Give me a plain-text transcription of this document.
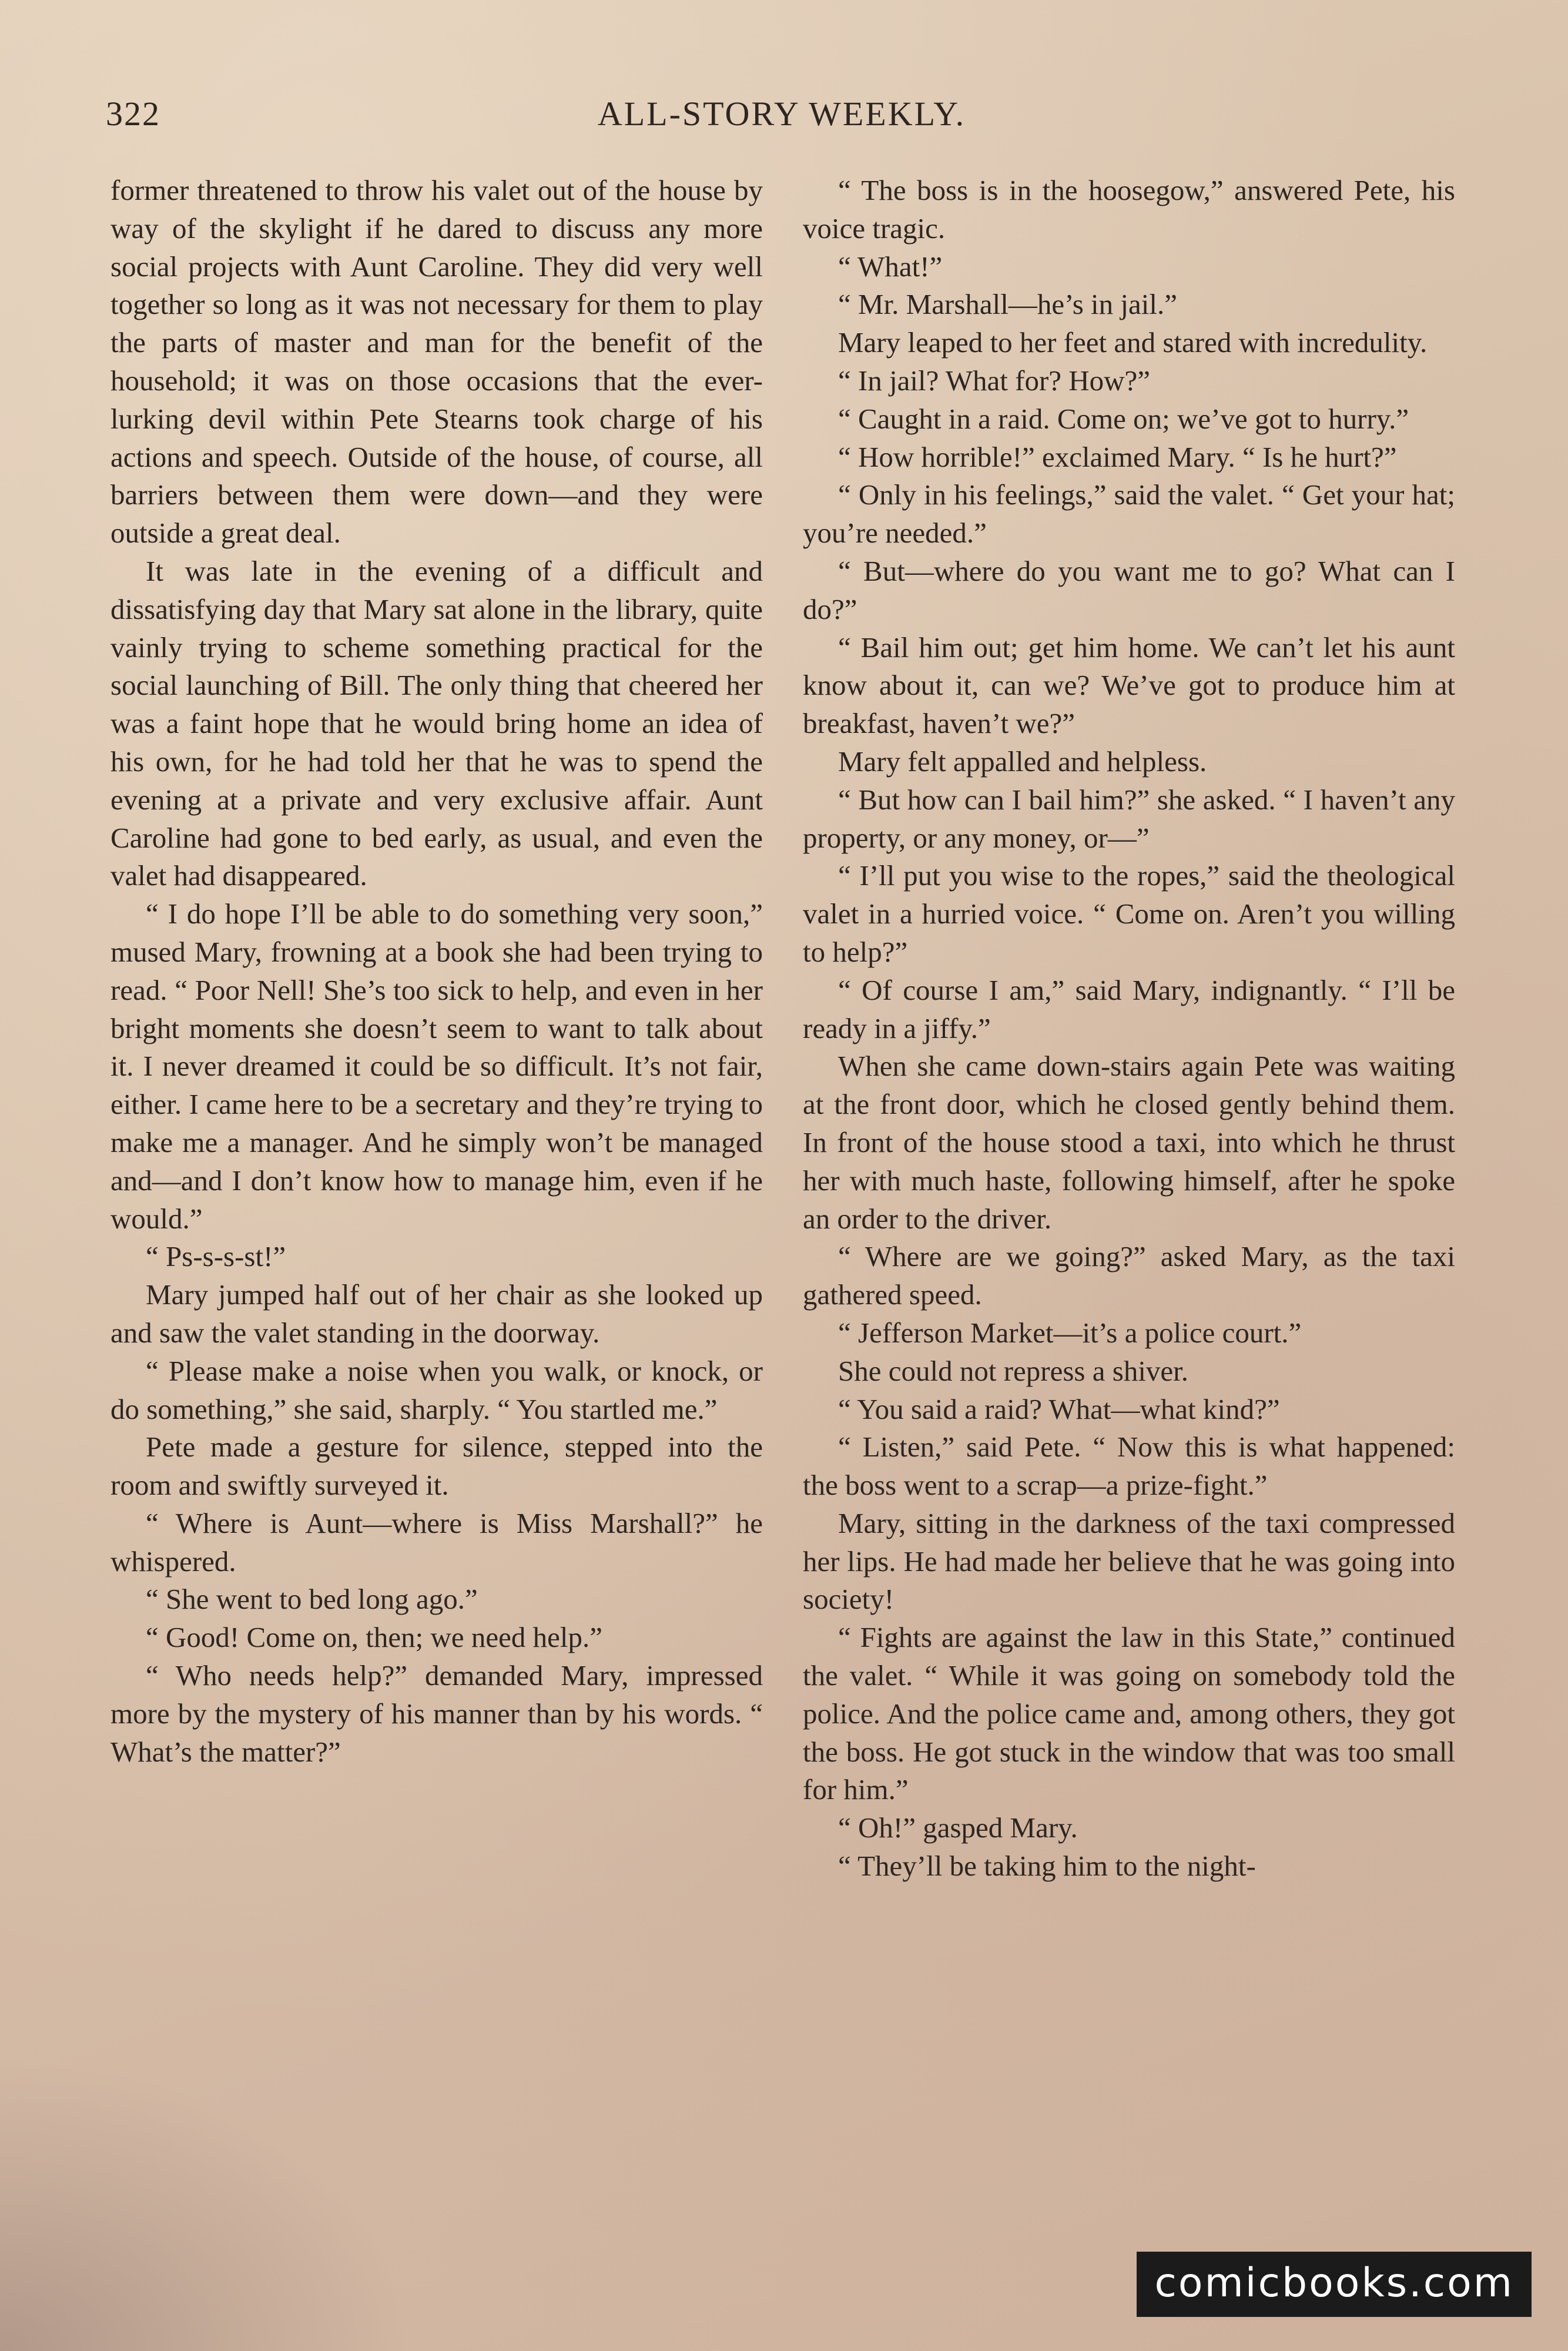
322	ALL-STORY WEEKLY.

former threatened to throw his valet out of the house by way of the skylight if he dared to discuss any more social projects with Aunt Caroline. They did very well together so long as it was not necessary for them to play the parts of master and man for the benefit of the household; it was on those occasions that the ever-lurking devil within Pete Stearns took charge of his actions and speech. Outside of the house, of course, all barriers between them were down—and they were outside a great deal.

It was late in the evening of a difficult and dissatisfying day that Mary sat alone in the library, quite vainly trying to scheme something practical for the social launching of Bill. The only thing that cheered her was a faint hope that he would bring home an idea of his own, for he had told her that he was to spend the evening at a private and very exclusive affair. Aunt Caroline had gone to bed early, as usual, and even the valet had disappeared.

“ I do hope I’ll be able to do something very soon,” mused Mary, frowning at a book she had been trying to read. “ Poor Nell! She’s too sick to help, and even in her bright moments she doesn’t seem to want to talk about it. I never dreamed it could be so difficult. It’s not fair, either. I came here to be a secretary and they’re trying to make me a manager. And he simply won’t be managed and—and I don’t know how to manage him, even if he would.”

“ Ps-s-s-st!”

Mary jumped half out of her chair as she looked up and saw the valet standing in the doorway.

“ Please make a noise when you walk, or knock, or do something,” she said, sharply. “ You startled me.”

Pete made a gesture for silence, stepped into the room and swiftly surveyed it.

“ Where is Aunt—where is Miss Marshall?” he whispered.

“ She went to bed long ago.”

“ Good! Come on, then; we need help.”

“ Who needs help?” demanded Mary, impressed more by the mystery of his manner than by his words. “ What’s the matter?”

“ The boss is in the hoosegow,” answered Pete, his voice tragic.

“ What!”

“ Mr. Marshall—he’s in jail.”

Mary leaped to her feet and stared with incredulity.

“ In jail? What for? How?”

“ Caught in a raid. Come on; we’ve got to hurry.”

“ How horrible!” exclaimed Mary. “ Is he hurt?”

“ Only in his feelings,” said the valet. “ Get your hat; you’re needed.”

“ But—where do you want me to go? What can I do?”

“ Bail him out; get him home. We can’t let his aunt know about it, can we? We’ve got to produce him at breakfast, haven’t we?”

Mary felt appalled and helpless.

“ But how can I bail him?” she asked. “ I haven’t any property, or any money, or—”

“ I’ll put you wise to the ropes,” said the theological valet in a hurried voice. “ Come on. Aren’t you willing to help?”

“ Of course I am,” said Mary, indignantly. “ I’ll be ready in a jiffy.”

When she came down-stairs again Pete was waiting at the front door, which he closed gently behind them. In front of the house stood a taxi, into which he thrust her with much haste, following himself, after he spoke an order to the driver.

“ Where are we going?” asked Mary, as the taxi gathered speed.

“ Jefferson Market—it’s a police court.”

She could not repress a shiver.

“ You said a raid? What—what kind?”

“ Listen,” said Pete. “ Now this is what happened: the boss went to a scrap—a prize-fight.”

Mary, sitting in the darkness of the taxi compressed her lips. He had made her believe that he was going into society!

“ Fights are against the law in this State,” continued the valet. “ While it was going on somebody told the police. And the police came and, among others, they got the boss. He got stuck in the window that was too small for him.”

“ Oh!” gasped Mary.

“ They’ll be taking him to the night-

comicbooks.com
